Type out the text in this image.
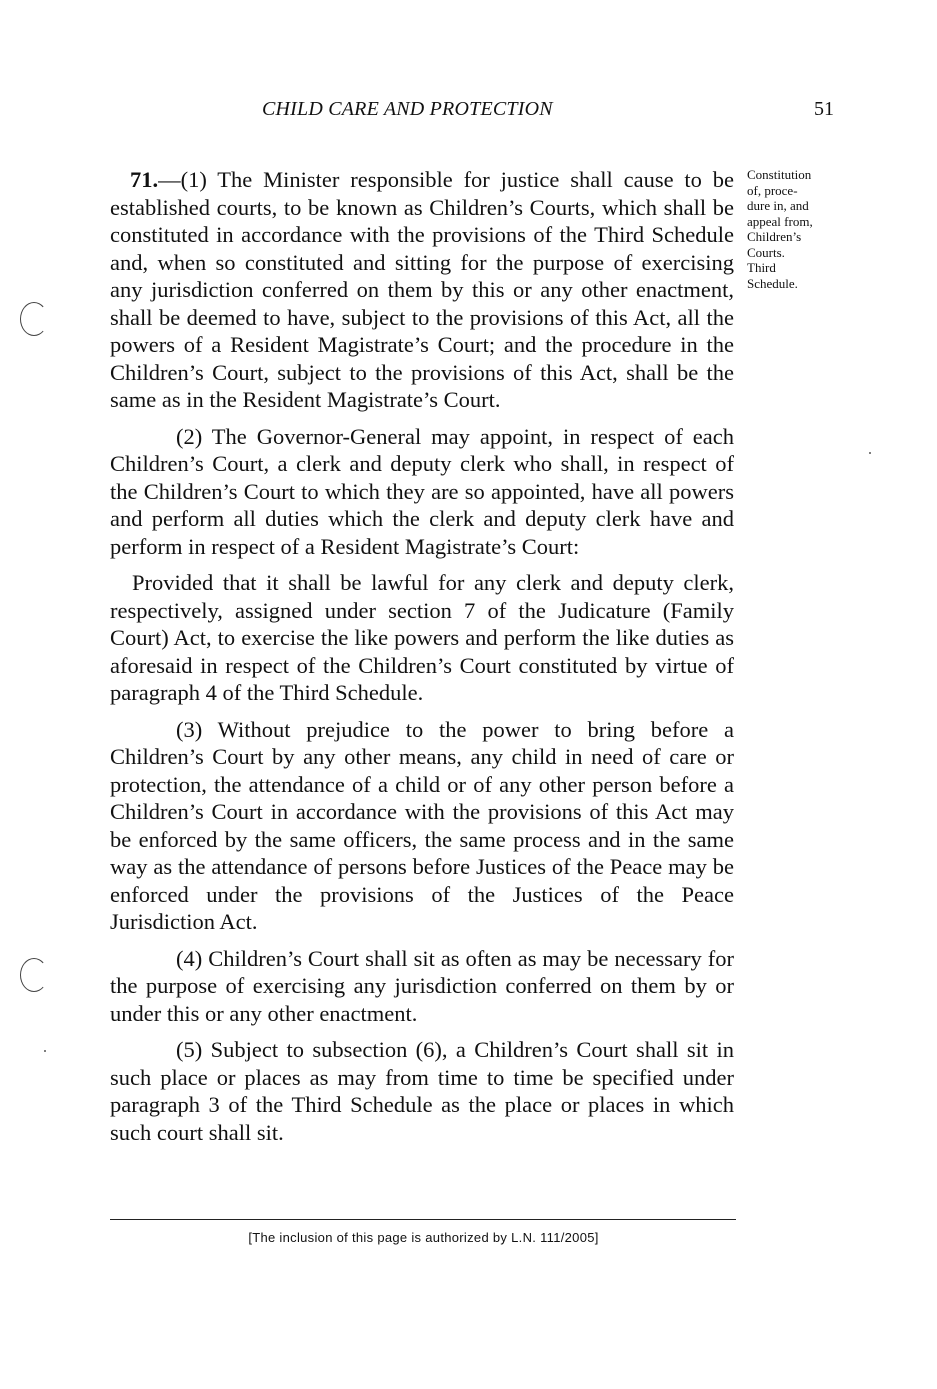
CHILD CARE AND PROTECTION	51

71.—(1) The Minister responsible for justice shall cause to be established courts, to be known as Children’s Courts, which shall be constituted in accordance with the provisions of the Third Schedule and, when so constituted and sitting for the purpose of exercising any jurisdiction conferred on them by this or any other enactment, shall be deemed to have, subject to the provisions of this Act, all the powers of a Resident Magistrate’s Court; and the procedure in the Children’s Court, subject to the provisions of this Act, shall be the same as in the Resident Magistrate’s Court.

(2) The Governor-General may appoint, in respect of each Children’s Court, a clerk and deputy clerk who shall, in respect of the Children’s Court to which they are so appointed, have all powers and perform all duties which the clerk and deputy clerk have and perform in respect of a Resident Magistrate’s Court:

Provided that it shall be lawful for any clerk and deputy clerk, respectively, assigned under section 7 of the Judicature (Family Court) Act, to exercise the like powers and perform the like duties as aforesaid in respect of the Children’s Court constituted by virtue of paragraph 4 of the Third Schedule.

(3) Without prejudice to the power to bring before a Children’s Court by any other means, any child in need of care or protection, the attendance of a child or of any other person before a Children’s Court in accordance with the provisions of this Act may be enforced by the same officers, the same process and in the same way as the attendance of persons before Justices of the Peace may be enforced under the provisions of the Justices of the Peace Jurisdiction Act.

(4) Children’s Court shall sit as often as may be necessary for the purpose of exercising any jurisdiction conferred on them by or under this or any other enactment.

(5) Subject to subsection (6), a Children’s Court shall sit in such place or places as may from time to time be specified under paragraph 3 of the Third Schedule as the place or places in which such court shall sit.

Constitution
of, proce-
dure in, and
appeal from,
Children’s
Courts.
Third
Schedule.
[The inclusion of this page is authorized by L.N. 111/2005]
